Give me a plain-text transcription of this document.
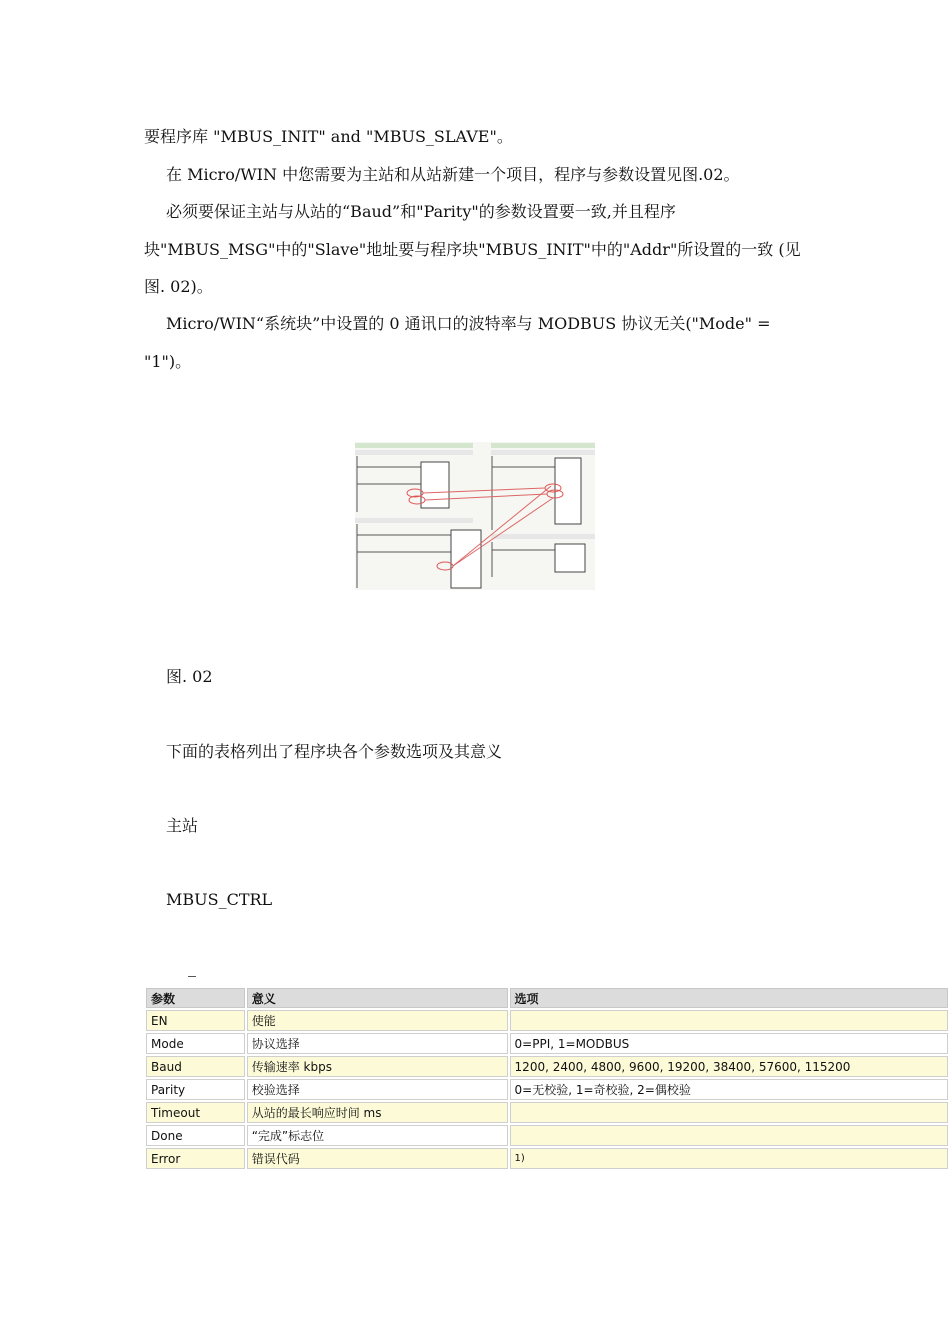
要程序库 "MBUS_INIT" and "MBUS_SLAVE"。
在 Micro/WIN 中您需要为主站和从站新建一个项目，程序与参数设置见图.02。
必须要保证主站与从站的“Baud”和"Parity"的参数设置要一致,并且程序
块"MBUS_MSG"中的"Slave"地址要与程序块"MBUS_INIT"中的"Addr"所设置的一致 (见
图. 02)。
Micro/WIN“系统块”中设置的 0 通讯口的波特率与 MODBUS 协议无关("Mode" =
"1")。
图. 02
下面的表格列出了程序块各个参数选项及其意义
主站
MBUS_CTRL
参数	意义	选项
EN	使能	
Mode	协议选择	0=PPI, 1=MODBUS
Baud	传输速率 kbps	1200, 2400, 4800, 9600, 19200, 38400, 57600, 115200
Parity	校验选择	0=无校验, 1=奇校验, 2=偶校验
Timeout	从站的最长响应时间 ms	
Done	“完成”标志位	
Error	错误代码	1)
